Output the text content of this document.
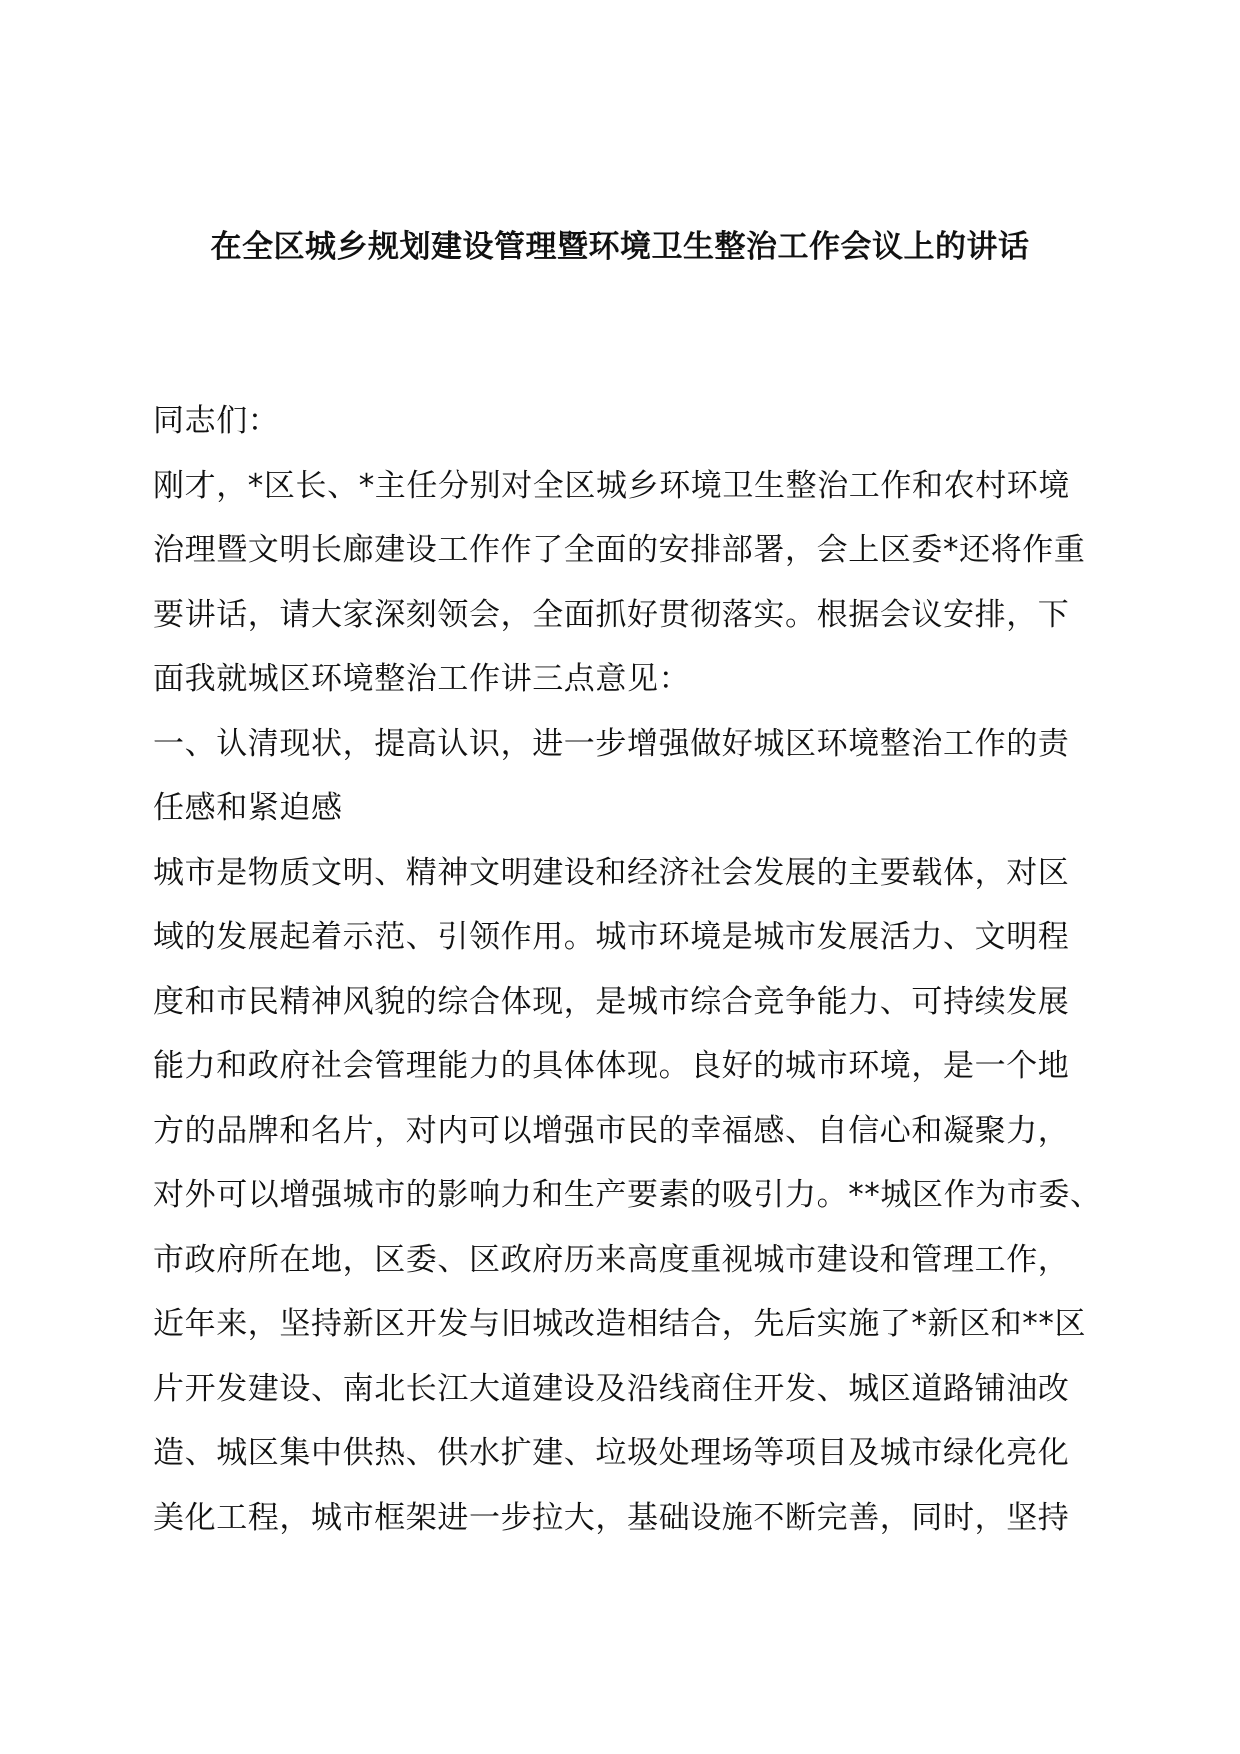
在全区城乡规划建设管理暨环境卫生整治工作会议上的讲话
同志们：
刚才，*区长、*主任分别对全区城乡环境卫生整治工作和农村环境
治理暨文明长廊建设工作作了全面的安排部署，会上区委*还将作重
要讲话，请大家深刻领会，全面抓好贯彻落实。根据会议安排，下
面我就城区环境整治工作讲三点意见：
一、认清现状，提高认识，进一步增强做好城区环境整治工作的责
任感和紧迫感
城市是物质文明、精神文明建设和经济社会发展的主要载体，对区
域的发展起着示范、引领作用。城市环境是城市发展活力、文明程
度和市民精神风貌的综合体现，是城市综合竞争能力、可持续发展
能力和政府社会管理能力的具体体现。良好的城市环境，是一个地
方的品牌和名片，对内可以增强市民的幸福感、自信心和凝聚力，
对外可以增强城市的影响力和生产要素的吸引力。**城区作为市委、
市政府所在地，区委、区政府历来高度重视城市建设和管理工作，
近年来，坚持新区开发与旧城改造相结合，先后实施了*新区和**区
片开发建设、南北长江大道建设及沿线商住开发、城区道路铺油改
造、城区集中供热、供水扩建、垃圾处理场等项目及城市绿化亮化
美化工程，城市框架进一步拉大，基础设施不断完善，同时，坚持
